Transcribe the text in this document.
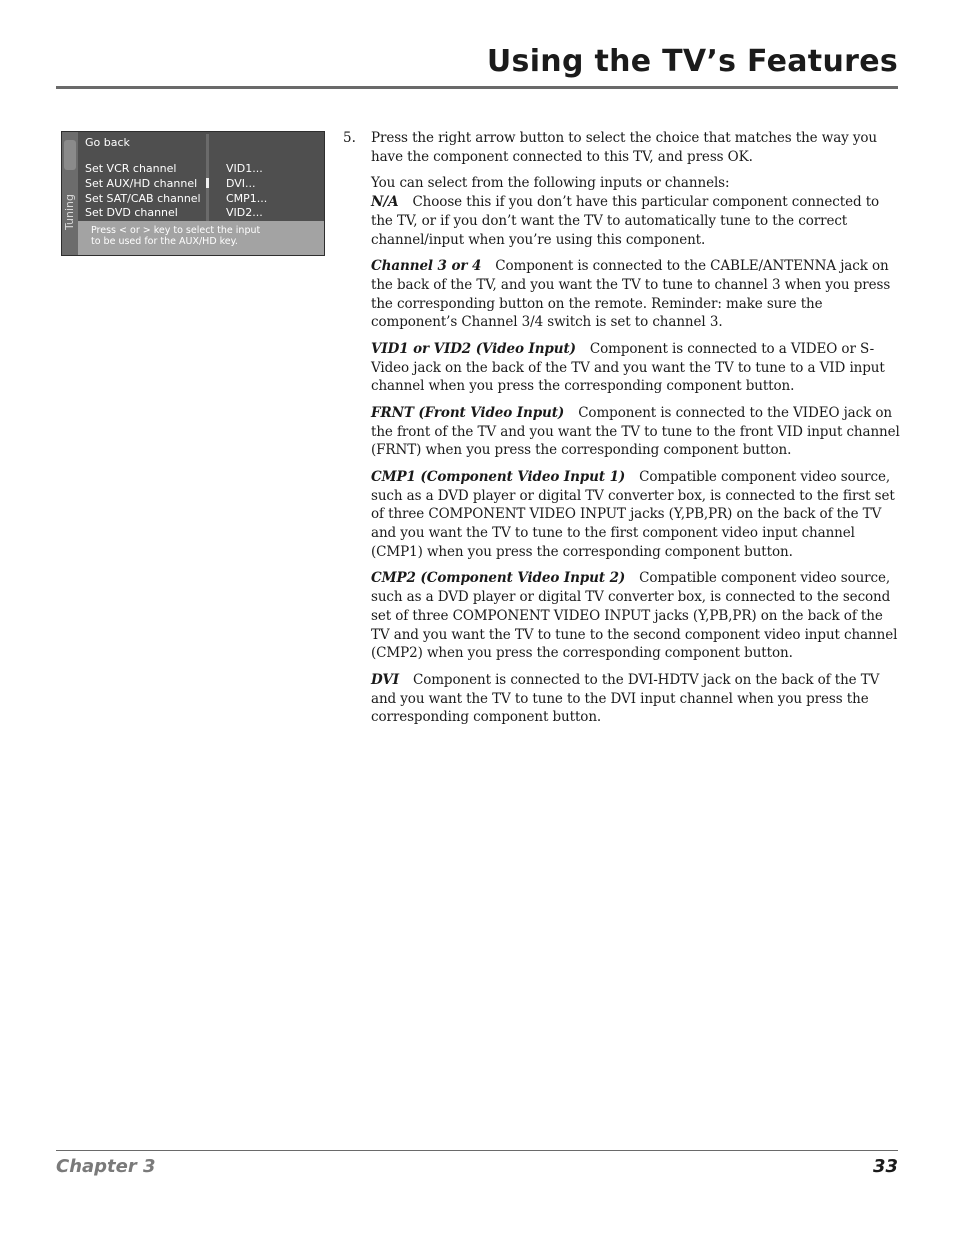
Using the TV’s Features
Tuning
Go back
Set VCR channel	VID1...
Set AUX/HD channel	DVI...
Set SAT/CAB channel CMP1...
Set DVD channel	VID2...
Press < or > key to select the input
to be used for the AUX/HD key.
5. Press the right arrow button to select the choice that matches the way you have the component connected to this TV, and press OK.

You can select from the following inputs or channels:

N/A Choose this if you don’t have this particular component connected to the TV, or if you don’t want the TV to automatically tune to the correct channel/input when you’re using this component.

Channel 3 or 4 Component is connected to the CABLE/ANTENNA jack on the back of the TV, and you want the TV to tune to channel 3 when you press the corresponding button on the remote. Reminder: make sure the component’s Channel 3/4 switch is set to channel 3.

VID1 or VID2 (Video Input) Component is connected to a VIDEO or S-Video jack on the back of the TV and you want the TV to tune to a VID input channel when you press the corresponding component button.

FRNT (Front Video Input) Component is connected to the VIDEO jack on the front of the TV and you want the TV to tune to the front VID input channel (FRNT) when you press the corresponding component button.

CMP1 (Component Video Input 1) Compatible component video source, such as a DVD player or digital TV converter box, is connected to the first set of three COMPONENT VIDEO INPUT jacks (Y,PB,PR) on the back of the TV and you want the TV to tune to the first component video input channel (CMP1) when you press the corresponding component button.

CMP2 (Component Video Input 2) Compatible component video source, such as a DVD player or digital TV converter box, is connected to the second set of three COMPONENT VIDEO INPUT jacks (Y,PB,PR) on the back of the TV and you want the TV to tune to the second component video input channel (CMP2) when you press the corresponding component button.

DVI Component is connected to the DVI-HDTV jack on the back of the TV and you want the TV to tune to the DVI input channel when you press the corresponding component button.

Chapter 3	33
